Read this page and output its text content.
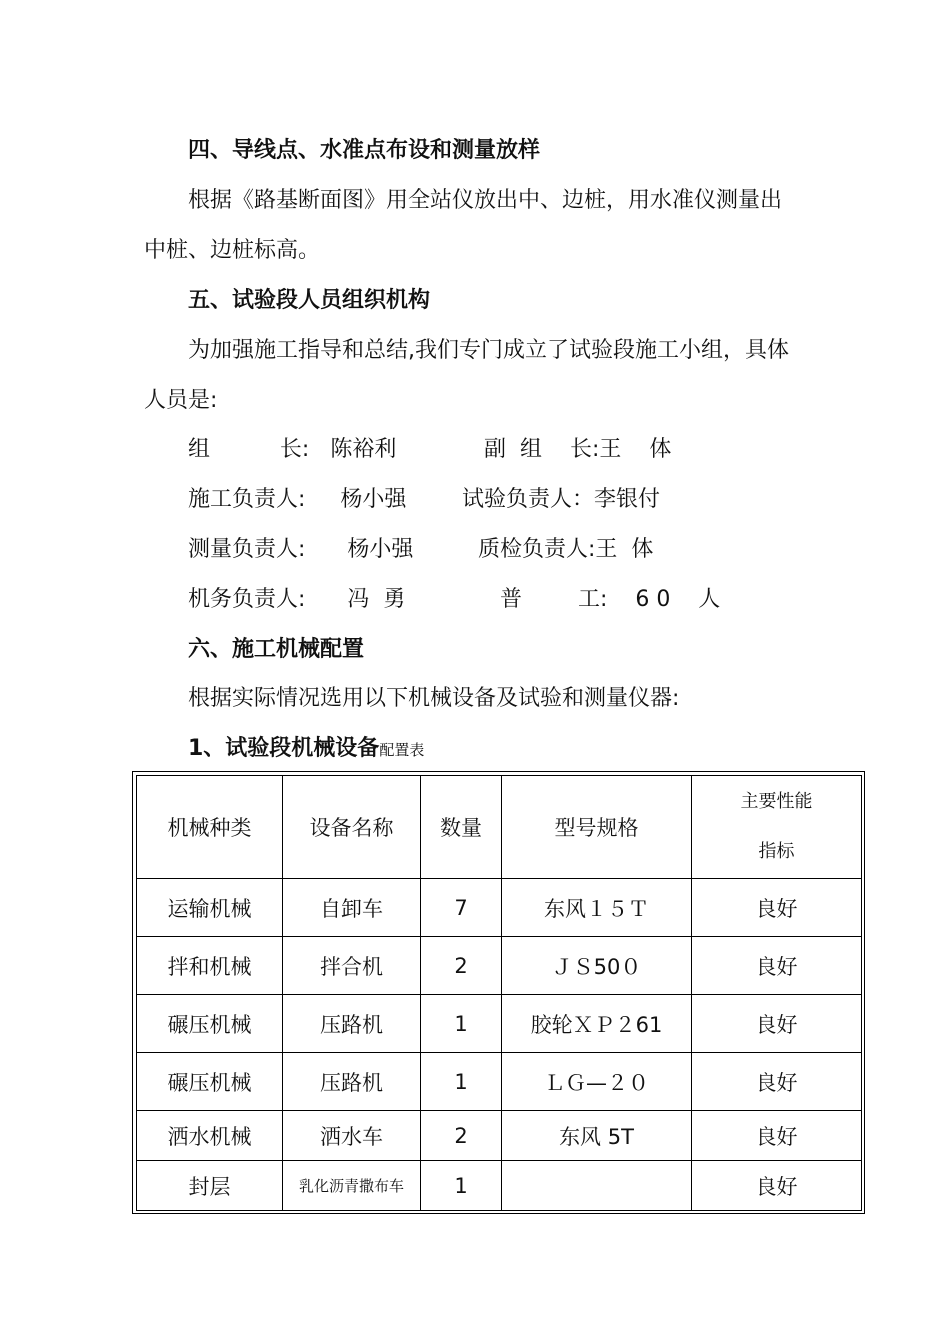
四、导线点、水准点布设和测量放样
根据《路基断面图》用全站仪放出中、边桩，用水准仪测量出
中桩、边桩标高。
五、试验段人员组织机构
为加强施工指导和总结,我们专门成立了试验段施工小组，具体
人员是:
组          长:   陈裕利	副  组    长:王    体
施工负责人:     杨小强	试验负责人：李银付
测量负责人:      杨小强	质检负责人:王  体
机务负责人:      冯  勇	普        工:    6 0    人
六、施工机械配置
根据实际情况选用以下机械设备及试验和测量仪器:
1、试验段机械设备配置表
机械种类	设备名称	数量	型号规格	主要性能
指标
运输机械	自卸车	7	东风１５Ｔ	良好
拌和机械	拌合机	2	ＪＳ50０	良好
碾压机械	压路机	1	胶轮ＸＰ２61	良好
碾压机械	压路机	1	ＬＧ—２０	良好
洒水机械	洒水车	2	东风 5T	良好
封层	乳化沥青撒布车	1		良好
